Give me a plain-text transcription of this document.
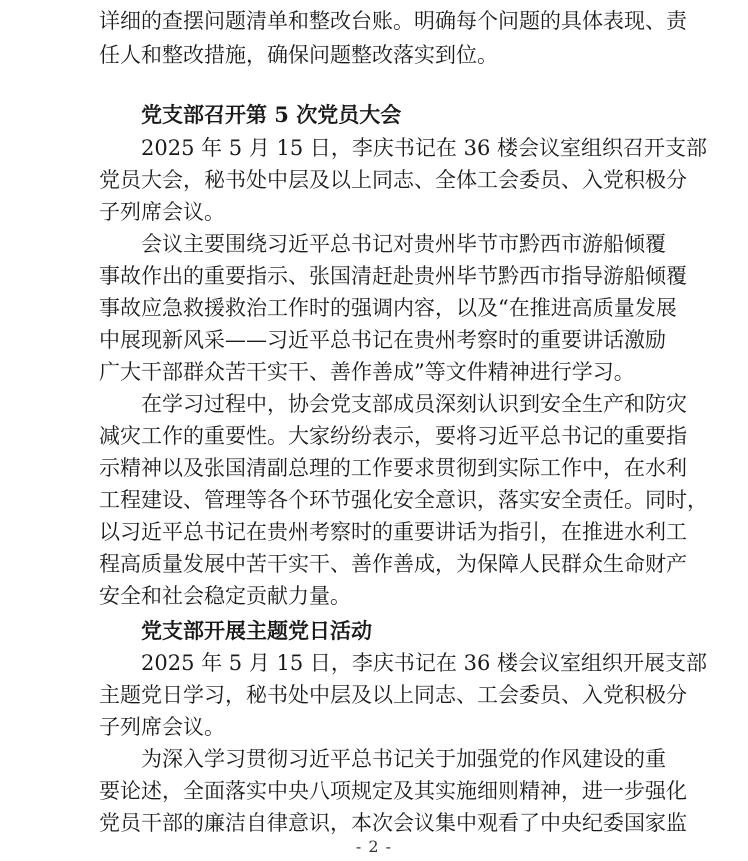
详细的查摆问题清单和整改台账。明确每个问题的具体表现、责
任人和整改措施，确保问题整改落实到位。
党支部召开第 5 次党员大会
2025 年 5 月 15 日，李庆书记在 36 楼会议室组织召开支部
党员大会，秘书处中层及以上同志、全体工会委员、入党积极分
子列席会议。
会议主要围绕习近平总书记对贵州毕节市黔西市游船倾覆
事故作出的重要指示、张国清赶赴贵州毕节黔西市指导游船倾覆
事故应急救援救治工作时的强调内容，以及“在推进高质量发展
中展现新风采——习近平总书记在贵州考察时的重要讲话激励
广大干部群众苦干实干、善作善成”等文件精神进行学习。
在学习过程中，协会党支部成员深刻认识到安全生产和防灾
减灾工作的重要性。大家纷纷表示，要将习近平总书记的重要指
示精神以及张国清副总理的工作要求贯彻到实际工作中，在水利
工程建设、管理等各个环节强化安全意识，落实安全责任。同时，
以习近平总书记在贵州考察时的重要讲话为指引，在推进水利工
程高质量发展中苦干实干、善作善成，为保障人民群众生命财产
安全和社会稳定贡献力量。
党支部开展主题党日活动
2025 年 5 月 15 日，李庆书记在 36 楼会议室组织开展支部
主题党日学习，秘书处中层及以上同志、工会委员、入党积极分
子列席会议。
为深入学习贯彻习近平总书记关于加强党的作风建设的重
要论述，全面落实中央八项规定及其实施细则精神，进一步强化
党员干部的廉洁自律意识，本次会议集中观看了中央纪委国家监
- 2 -
